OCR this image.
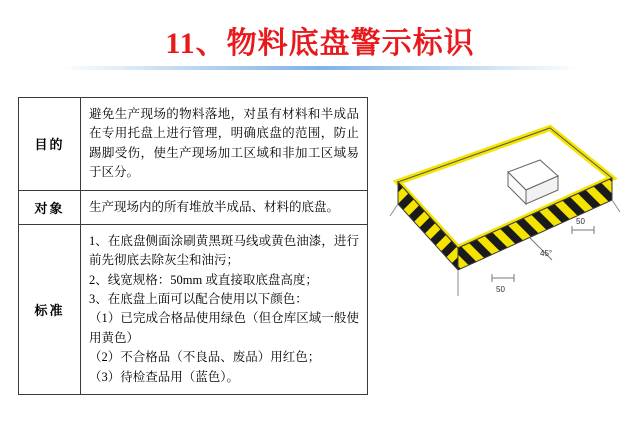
11、物料底盘警示标识
目的
避免生产现场的物料落地，对虽有材料和半成品在专用托盘上进行管理，明确底盘的范围，防止踢脚受伤，使生产现场加工区域和非加工区域易于区分。
对象	生产现场内的所有堆放半成品、材料的底盘。
标准

1、在底盘侧面涂刷黄黑斑马线或黄色油漆，进行前先彻底去除灰尘和油污；

2、线宽规格：50mm 或直接取底盘高度；

3、在底盘上面可以配合使用以下颜色：

（1）已完成合格品使用绿色（但仓库区域一般使用黄色）

（2）不合格品（不良品、废品）用红色；

（3）待检查品用（蓝色）。

45°
50
50
